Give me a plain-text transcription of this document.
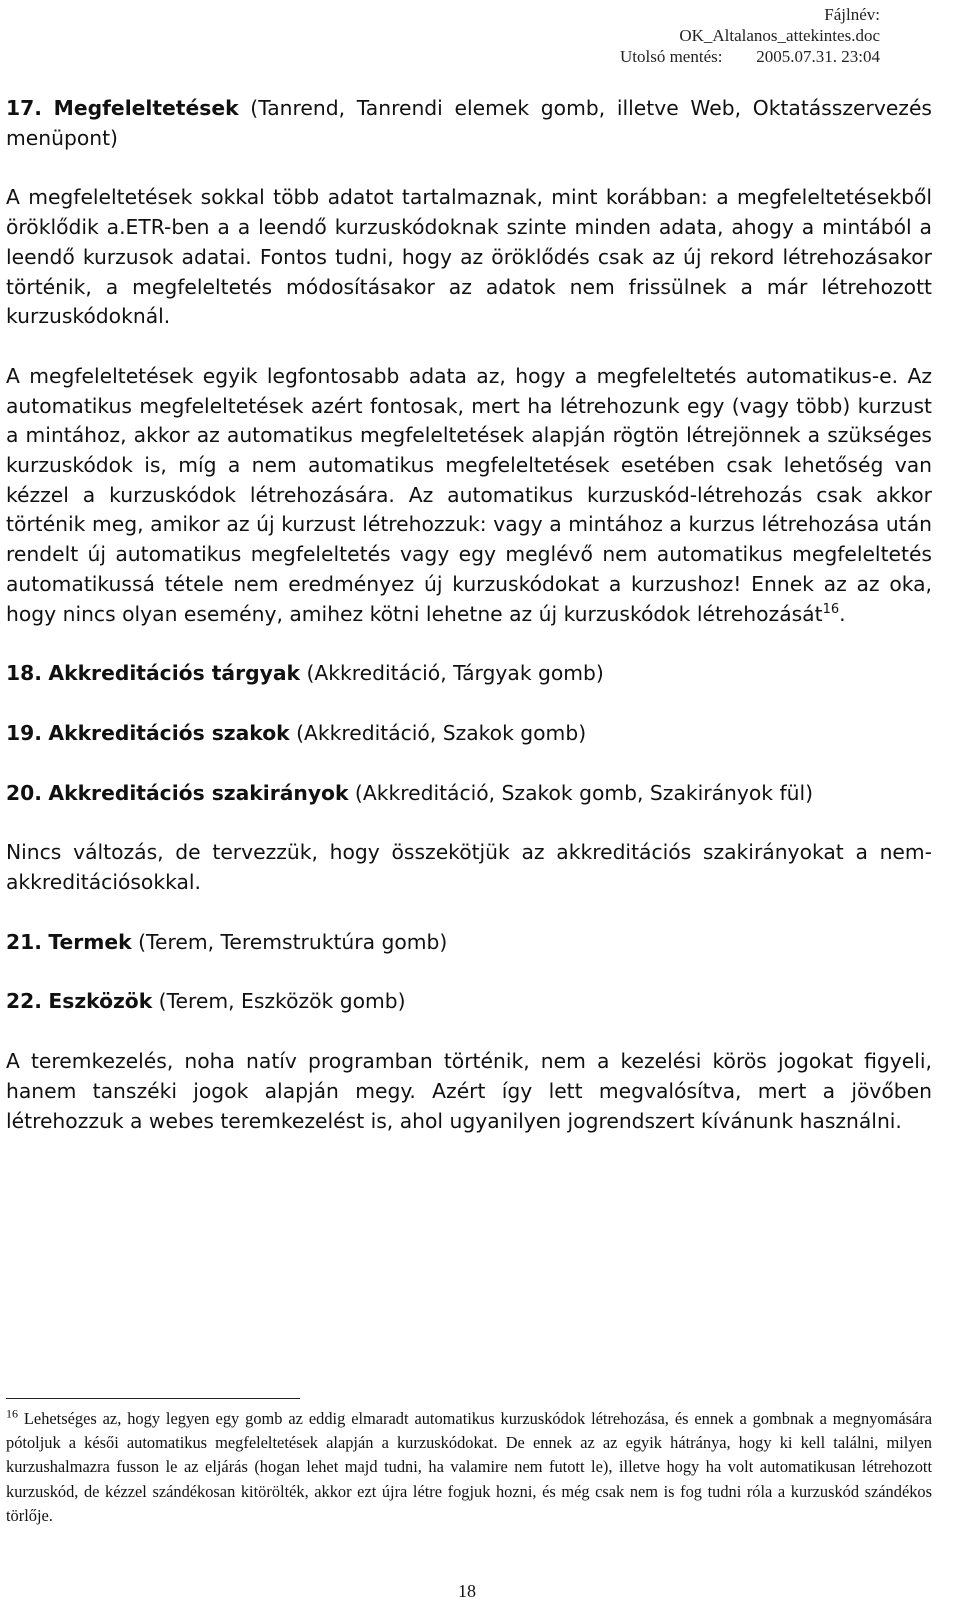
Fájlnév:
OK_Altalanos_attekintes.doc
Utolsó mentés: 2005.07.31. 23:04

17. Megfeleltetések (Tanrend, Tanrendi elemek gomb, illetve Web, Oktatásszervezés menüpont)

A megfeleltetések sokkal több adatot tartalmaznak, mint korábban: a megfeleltetésekből öröklődik a.ETR-ben a a leendő kurzuskódoknak szinte minden adata, ahogy a mintából a leendő kurzusok adatai. Fontos tudni, hogy az öröklődés csak az új rekord létrehozásakor történik, a megfeleltetés módosításakor az adatok nem frissülnek a már létrehozott kurzuskódoknál.

A megfeleltetések egyik legfontosabb adata az, hogy a megfeleltetés automatikus-e. Az automatikus megfeleltetések azért fontosak, mert ha létrehozunk egy (vagy több) kurzust a mintához, akkor az automatikus megfeleltetések alapján rögtön létrejönnek a szükséges kurzuskódok is, míg a nem automatikus megfeleltetések esetében csak lehetőség van kézzel a kurzuskódok létrehozására. Az automatikus kurzuskód-létrehozás csak akkor történik meg, amikor az új kurzust létrehozzuk: vagy a mintához a kurzus létrehozása után rendelt új automatikus megfeleltetés vagy egy meglévő nem automatikus megfeleltetés automatikussá tétele nem eredményez új kurzuskódokat a kurzushoz! Ennek az az oka, hogy nincs olyan esemény, amihez kötni lehetne az új kurzuskódok létrehozását$^{16}$.

18. Akkreditációs tárgyak (Akkreditáció, Tárgyak gomb)

19. Akkreditációs szakok (Akkreditáció, Szakok gomb)

20. Akkreditációs szakirányok (Akkreditáció, Szakok gomb, Szakirányok fül)

Nincs változás, de tervezzük, hogy összekötjük az akkreditációs szakirányokat a nem-akkreditációsokkal.

21. Termek (Terem, Teremstruktúra gomb)

22. Eszközök (Terem, Eszközök gomb)

A teremkezelés, noha natív programban történik, nem a kezelési körös jogokat figyeli, hanem tanszéki jogok alapján megy. Azért így lett megvalósítva, mert a jövőben létrehozzuk a webes teremkezelést is, ahol ugyanilyen jogrendszert kívánunk használni.

$^{16}$ Lehetséges az, hogy legyen egy gomb az eddig elmaradt automatikus kurzuskódok létrehozása, és ennek a gombnak a megnyomására pótoljuk a késői automatikus megfeleltetések alapján a kurzuskódokat. De ennek az az egyik hátránya, hogy ki kell találni, milyen kurzushalmazra fusson le az eljárás (hogan lehet majd tudni, ha valamire nem futott le), illetve hogy ha volt automatikusan létrehozott kurzuskód, de kézzel szándékosan kitörölték, akkor ezt újra létre fogjuk hozni, és még csak nem is fog tudni róla a kurzuskód szándékos törlője.
18
